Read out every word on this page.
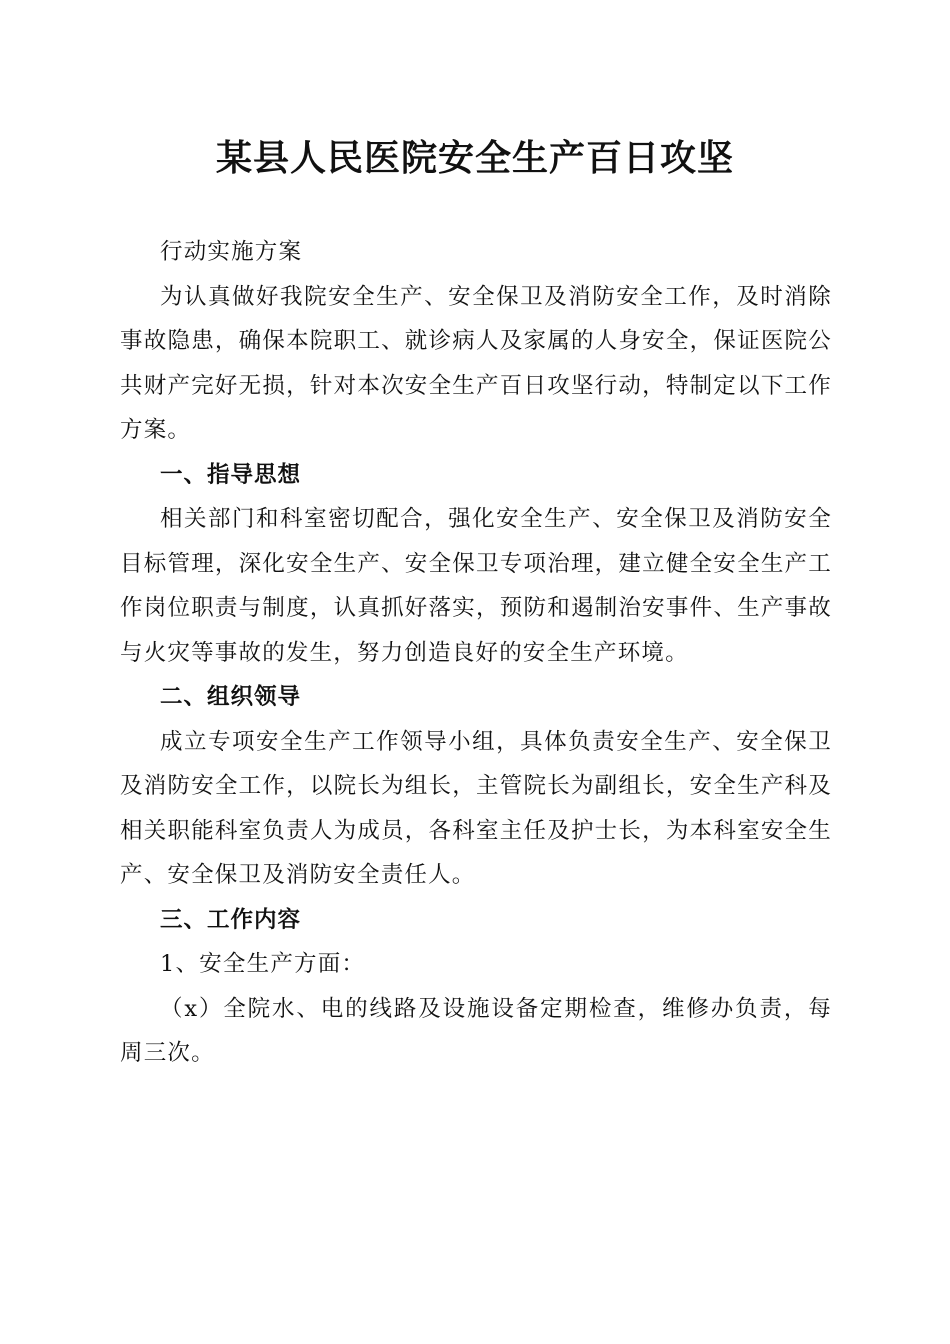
某县人民医院安全生产百日攻坚

行动实施方案

为认真做好我院安全生产、安全保卫及消防安全工作，及时消除事故隐患，确保本院职工、就诊病人及家属的人身安全，保证医院公共财产完好无损，针对本次安全生产百日攻坚行动，特制定以下工作方案。

一、指导思想

相关部门和科室密切配合，强化安全生产、安全保卫及消防安全目标管理，深化安全生产、安全保卫专项治理，建立健全安全生产工作岗位职责与制度，认真抓好落实，预防和遏制治安事件、生产事故与火灾等事故的发生，努力创造良好的安全生产环境。

二、组织领导

成立专项安全生产工作领导小组，具体负责安全生产、安全保卫及消防安全工作，以院长为组长，主管院长为副组长，安全生产科及相关职能科室负责人为成员，各科室主任及护士长，为本科室安全生产、安全保卫及消防安全责任人。

三、工作内容

1、安全生产方面：

（x）全院水、电的线路及设施设备定期检查，维修办负责，每周三次。
